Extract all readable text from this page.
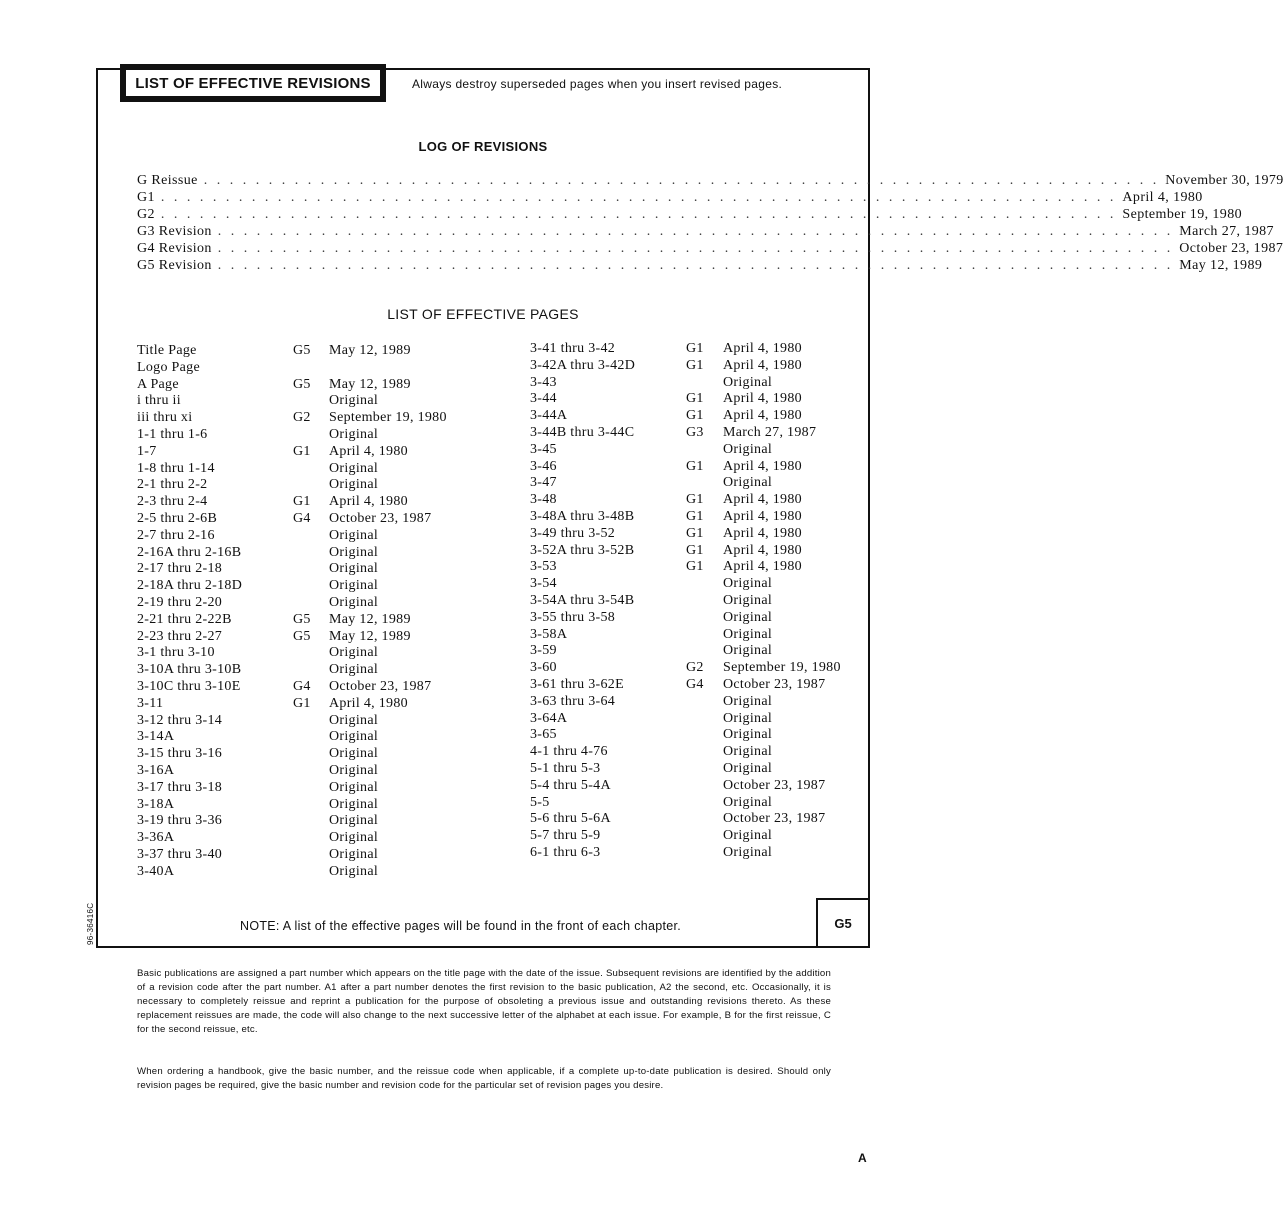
LIST OF EFFECTIVE REVISIONS	Always destroy superseded pages when you insert revised pages.
LOG OF REVISIONS
G Reissue . . . . . . . . . . . . . . . . . . . . . . . . . . . . . . . . . . . . . . . . . . . . . . . . . . . . . . . . . . . . . . . . . . . . . . . . . . November 30, 1979
G1 . . . . . . . . . . . . . . . . . . . . . . . . . . . . . . . . . . . . . . . . . . . . . . . . . . . . . . . . . . . . . . . . . . . . . . . . . . April 4, 1980
G2 . . . . . . . . . . . . . . . . . . . . . . . . . . . . . . . . . . . . . . . . . . . . . . . . . . . . . . . . . . . . . . . . . . . . . . . . . . September 19, 1980
G3 Revision . . . . . . . . . . . . . . . . . . . . . . . . . . . . . . . . . . . . . . . . . . . . . . . . . . . . . . . . . . . . . . . . . . . . . . . . . . March 27, 1987
G4 Revision . . . . . . . . . . . . . . . . . . . . . . . . . . . . . . . . . . . . . . . . . . . . . . . . . . . . . . . . . . . . . . . . . . . . . . . . . . October 23, 1987
G5 Revision . . . . . . . . . . . . . . . . . . . . . . . . . . . . . . . . . . . . . . . . . . . . . . . . . . . . . . . . . . . . . . . . . . . . . . . . . . May 12, 1989
LIST OF EFFECTIVE PAGES
Title Page	G5 May 12, 1989
Logo Page
A Page	G5 May 12, 1989
i thru ii	Original
iii thru xi	G2 September 19, 1980
1-1 thru 1-6	Original
1-7	G1 April 4, 1980
1-8 thru 1-14	Original
2-1 thru 2-2	Original
2-3 thru 2-4	G1 April 4, 1980
2-5 thru 2-6B	G4 October 23, 1987
2-7 thru 2-16	Original
2-16A thru 2-16B	Original
2-17 thru 2-18	Original
2-18A thru 2-18D	Original
2-19 thru 2-20	Original
2-21 thru 2-22B	G5 May 12, 1989
2-23 thru 2-27	G5 May 12, 1989
3-1 thru 3-10	Original
3-10A thru 3-10B	Original
3-10C thru 3-10E	G4 October 23, 1987
3-11	G1 April 4, 1980
3-12 thru 3-14	Original
3-14A	Original
3-15 thru 3-16	Original
3-16A	Original
3-17 thru 3-18	Original
3-18A	Original
3-19 thru 3-36	Original
3-36A	Original
3-37 thru 3-40	Original
3-40A	Original
3-41 thru 3-42	G1 April 4, 1980
3-42A thru 3-42D	G1 April 4, 1980
3-43	Original
3-44	G1 April 4, 1980
3-44A	G1 April 4, 1980
3-44B thru 3-44C	G3 March 27, 1987
3-45	Original
3-46	G1 April 4, 1980
3-47	Original
3-48	G1 April 4, 1980
3-48A thru 3-48B	G1 April 4, 1980
3-49 thru 3-52	G1 April 4, 1980
3-52A thru 3-52B	G1 April 4, 1980
3-53	G1 April 4, 1980
3-54	Original
3-54A thru 3-54B	Original
3-55 thru 3-58	Original
3-58A	Original
3-59	Original
3-60	G2 September 19, 1980
3-61 thru 3-62E	G4 October 23, 1987
3-63 thru 3-64	Original
3-64A	Original
3-65	Original
4-1 thru 4-76	Original
5-1 thru 5-3	Original
5-4 thru 5-4A	October 23, 1987
5-5	Original
5-6 thru 5-6A	October 23, 1987
5-7 thru 5-9	Original
6-1 thru 6-3	Original
NOTE: A list of the effective pages will be found in the front of each chapter.	G5
96-36416C
Basic publications are assigned a part number which appears on the title page with the date of the issue. Subsequent revisions are identified by the addition of a revision code after the part number. A1 after a part number denotes the first revision to the basic publication, A2 the second, etc. Occasionally, it is necessary to completely reissue and reprint a publication for the purpose of obsoleting a previous issue and outstanding revisions thereto. As these replacement reissues are made, the code will also change to the next successive letter of the alphabet at each issue. For example, B for the first reissue, C for the second reissue, etc.
When ordering a handbook, give the basic number, and the reissue code when applicable, if a complete up-to-date publication is desired. Should only revision pages be required, give the basic number and revision code for the particular set of revision pages you desire.
A
